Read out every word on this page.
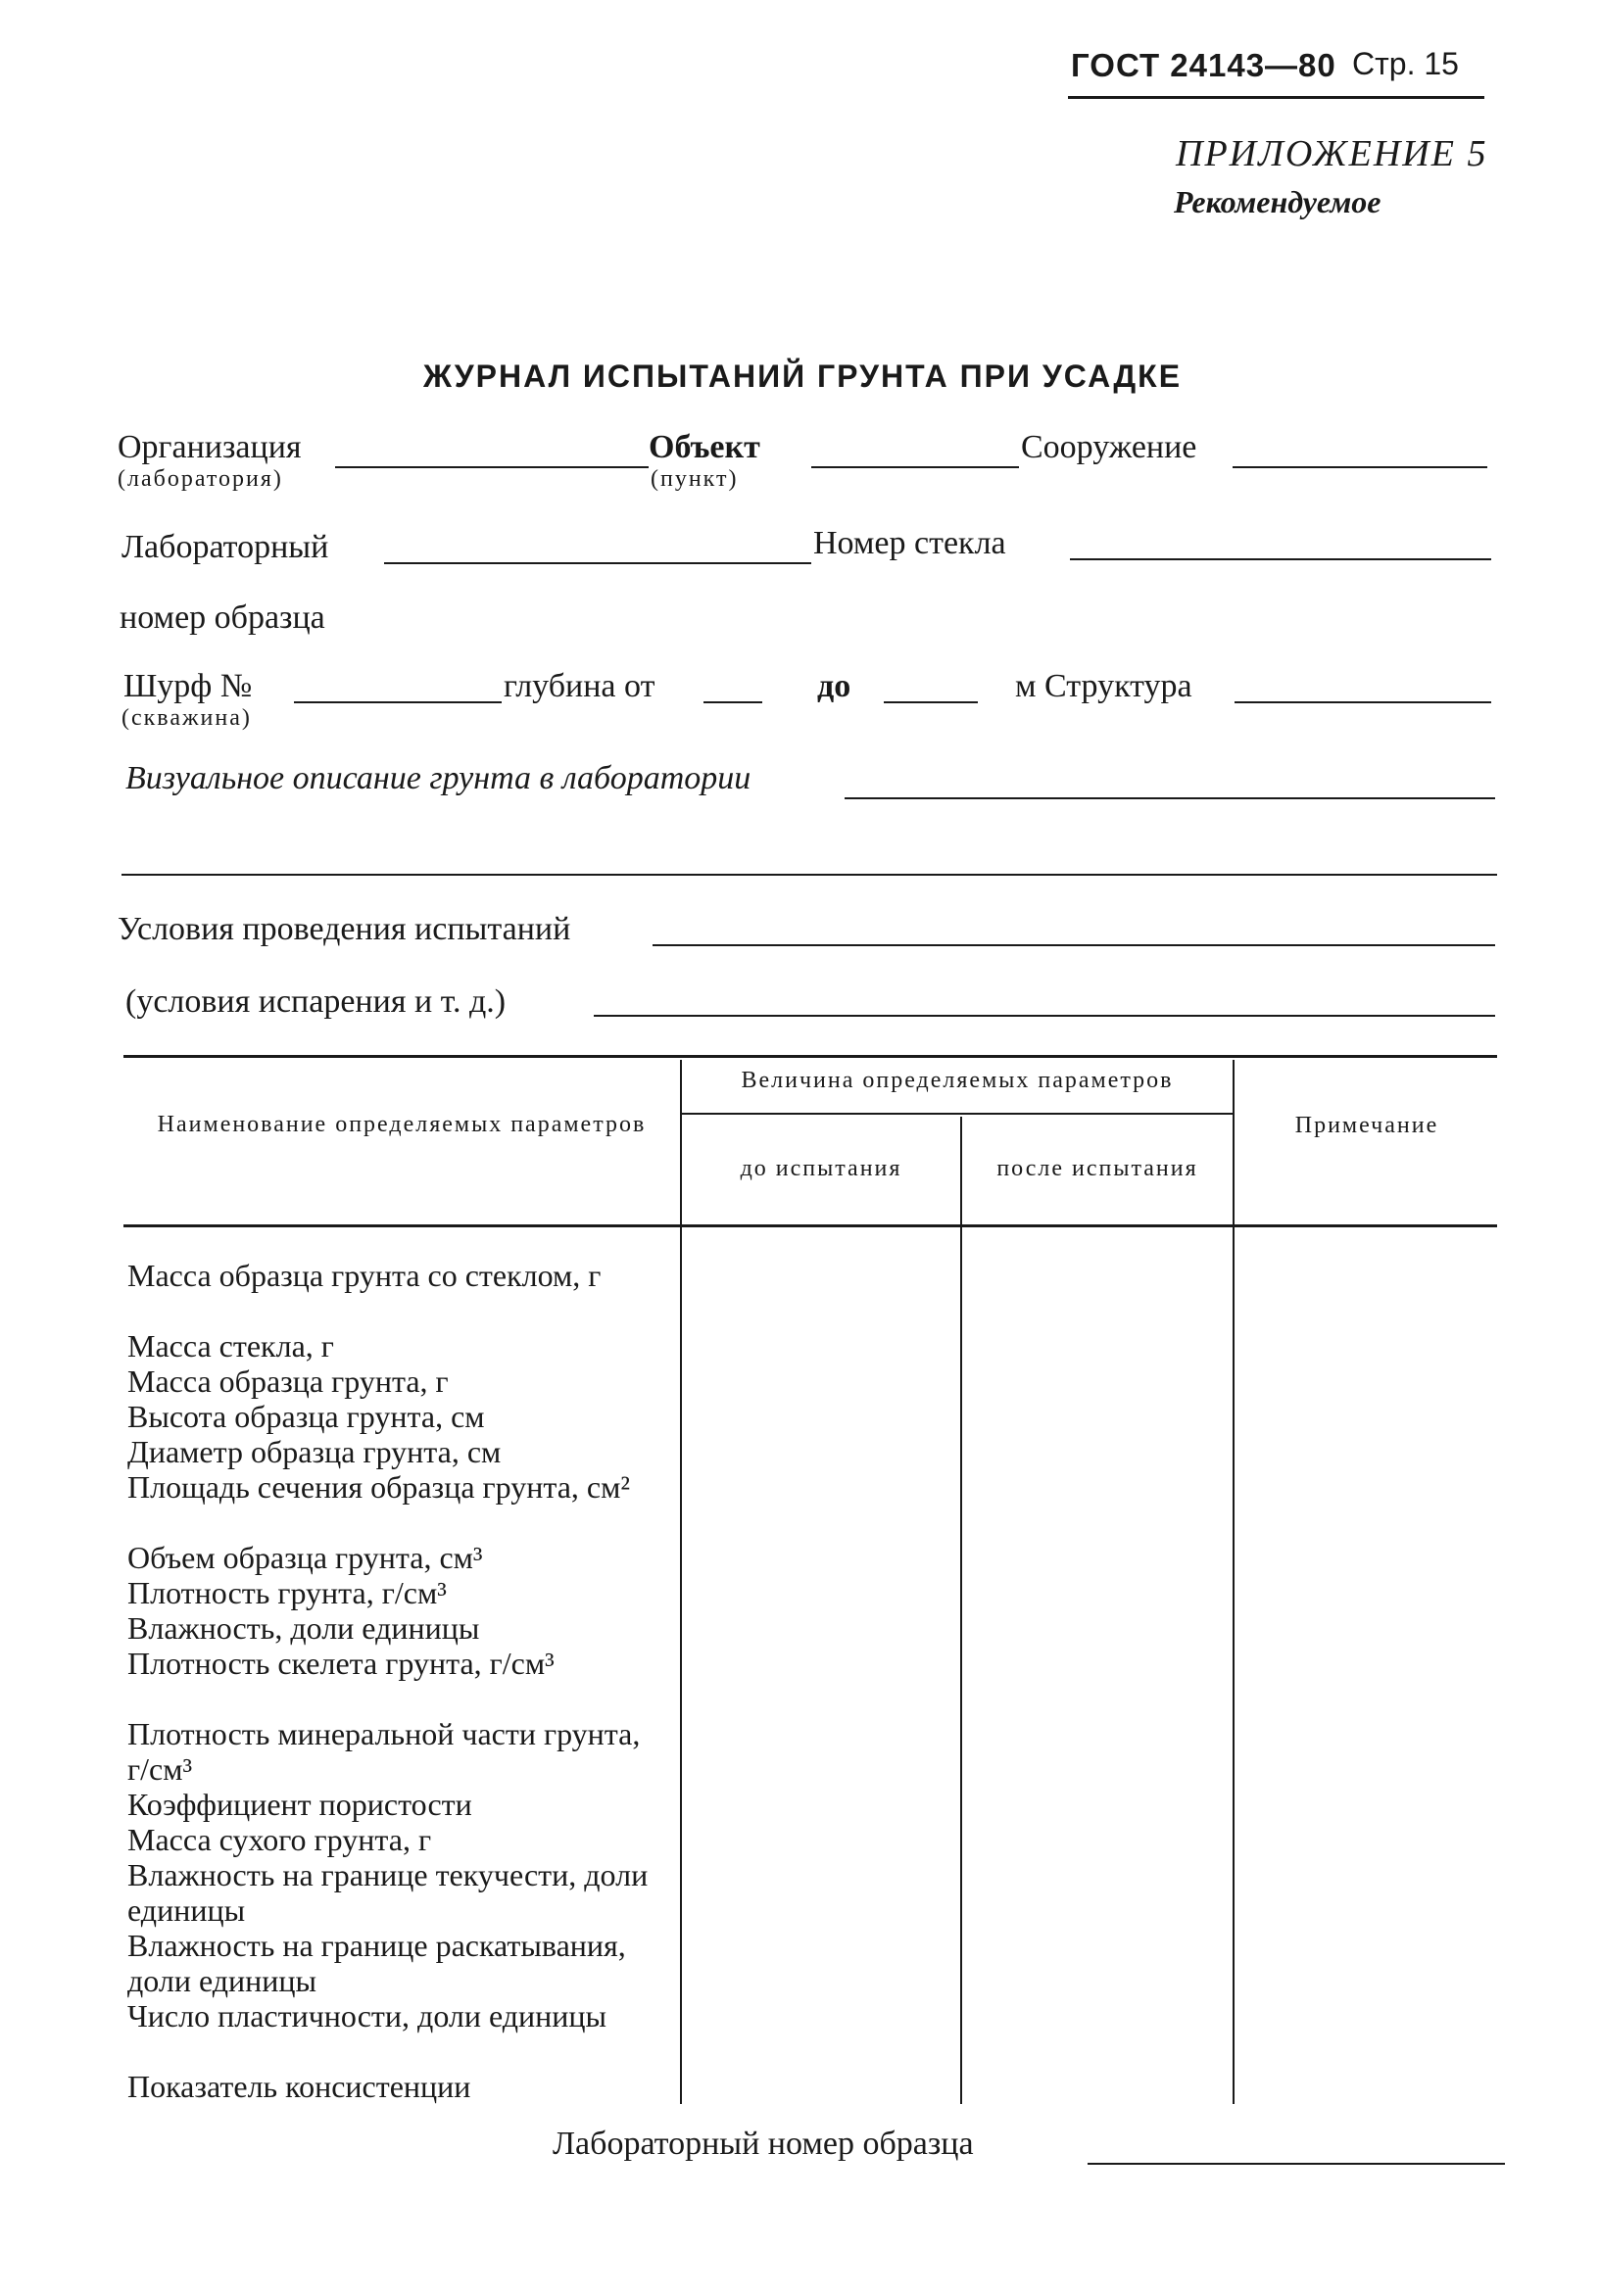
ГОСТ 24143—80 Стр. 15
ПРИЛОЖЕНИЕ 5
Рекомендуемое
ЖУРНАЛ ИСПЫТАНИЙ ГРУНТА ПРИ УСАДКЕ
Организация
(лаборатория)
Объект
(пункт)
Сооружение
Лабораторный	Номер стекла
номер образца
Шурф №
(скважина)
глубина от	до	м Структура
Визуальное описание грунта в лаборатории
Условия проведения испытаний
(условия испарения и т. д.)
Наименование определяемых параметров
Величина определяемых параметров
до испытания	после испытания
Примечание
Масса образца грунта со стеклом, г
Масса стекла, г
Масса образца грунта, г
Высота образца грунта, см
Диаметр образца грунта, см
Площадь сечения образца грунта, см²
Объем образца грунта, см³
Плотность грунта, г/см³
Влажность, доли единицы
Плотность скелета грунта, г/см³
Плотность минеральной части грунта, г/см³
Коэффициент пористости
Масса сухого грунта, г
Влажность на границе текучести, доли единицы
Влажность на границе раскатывания, доли единицы
Число пластичности, доли единицы
Показатель консистенции
Лабораторный номер образца
